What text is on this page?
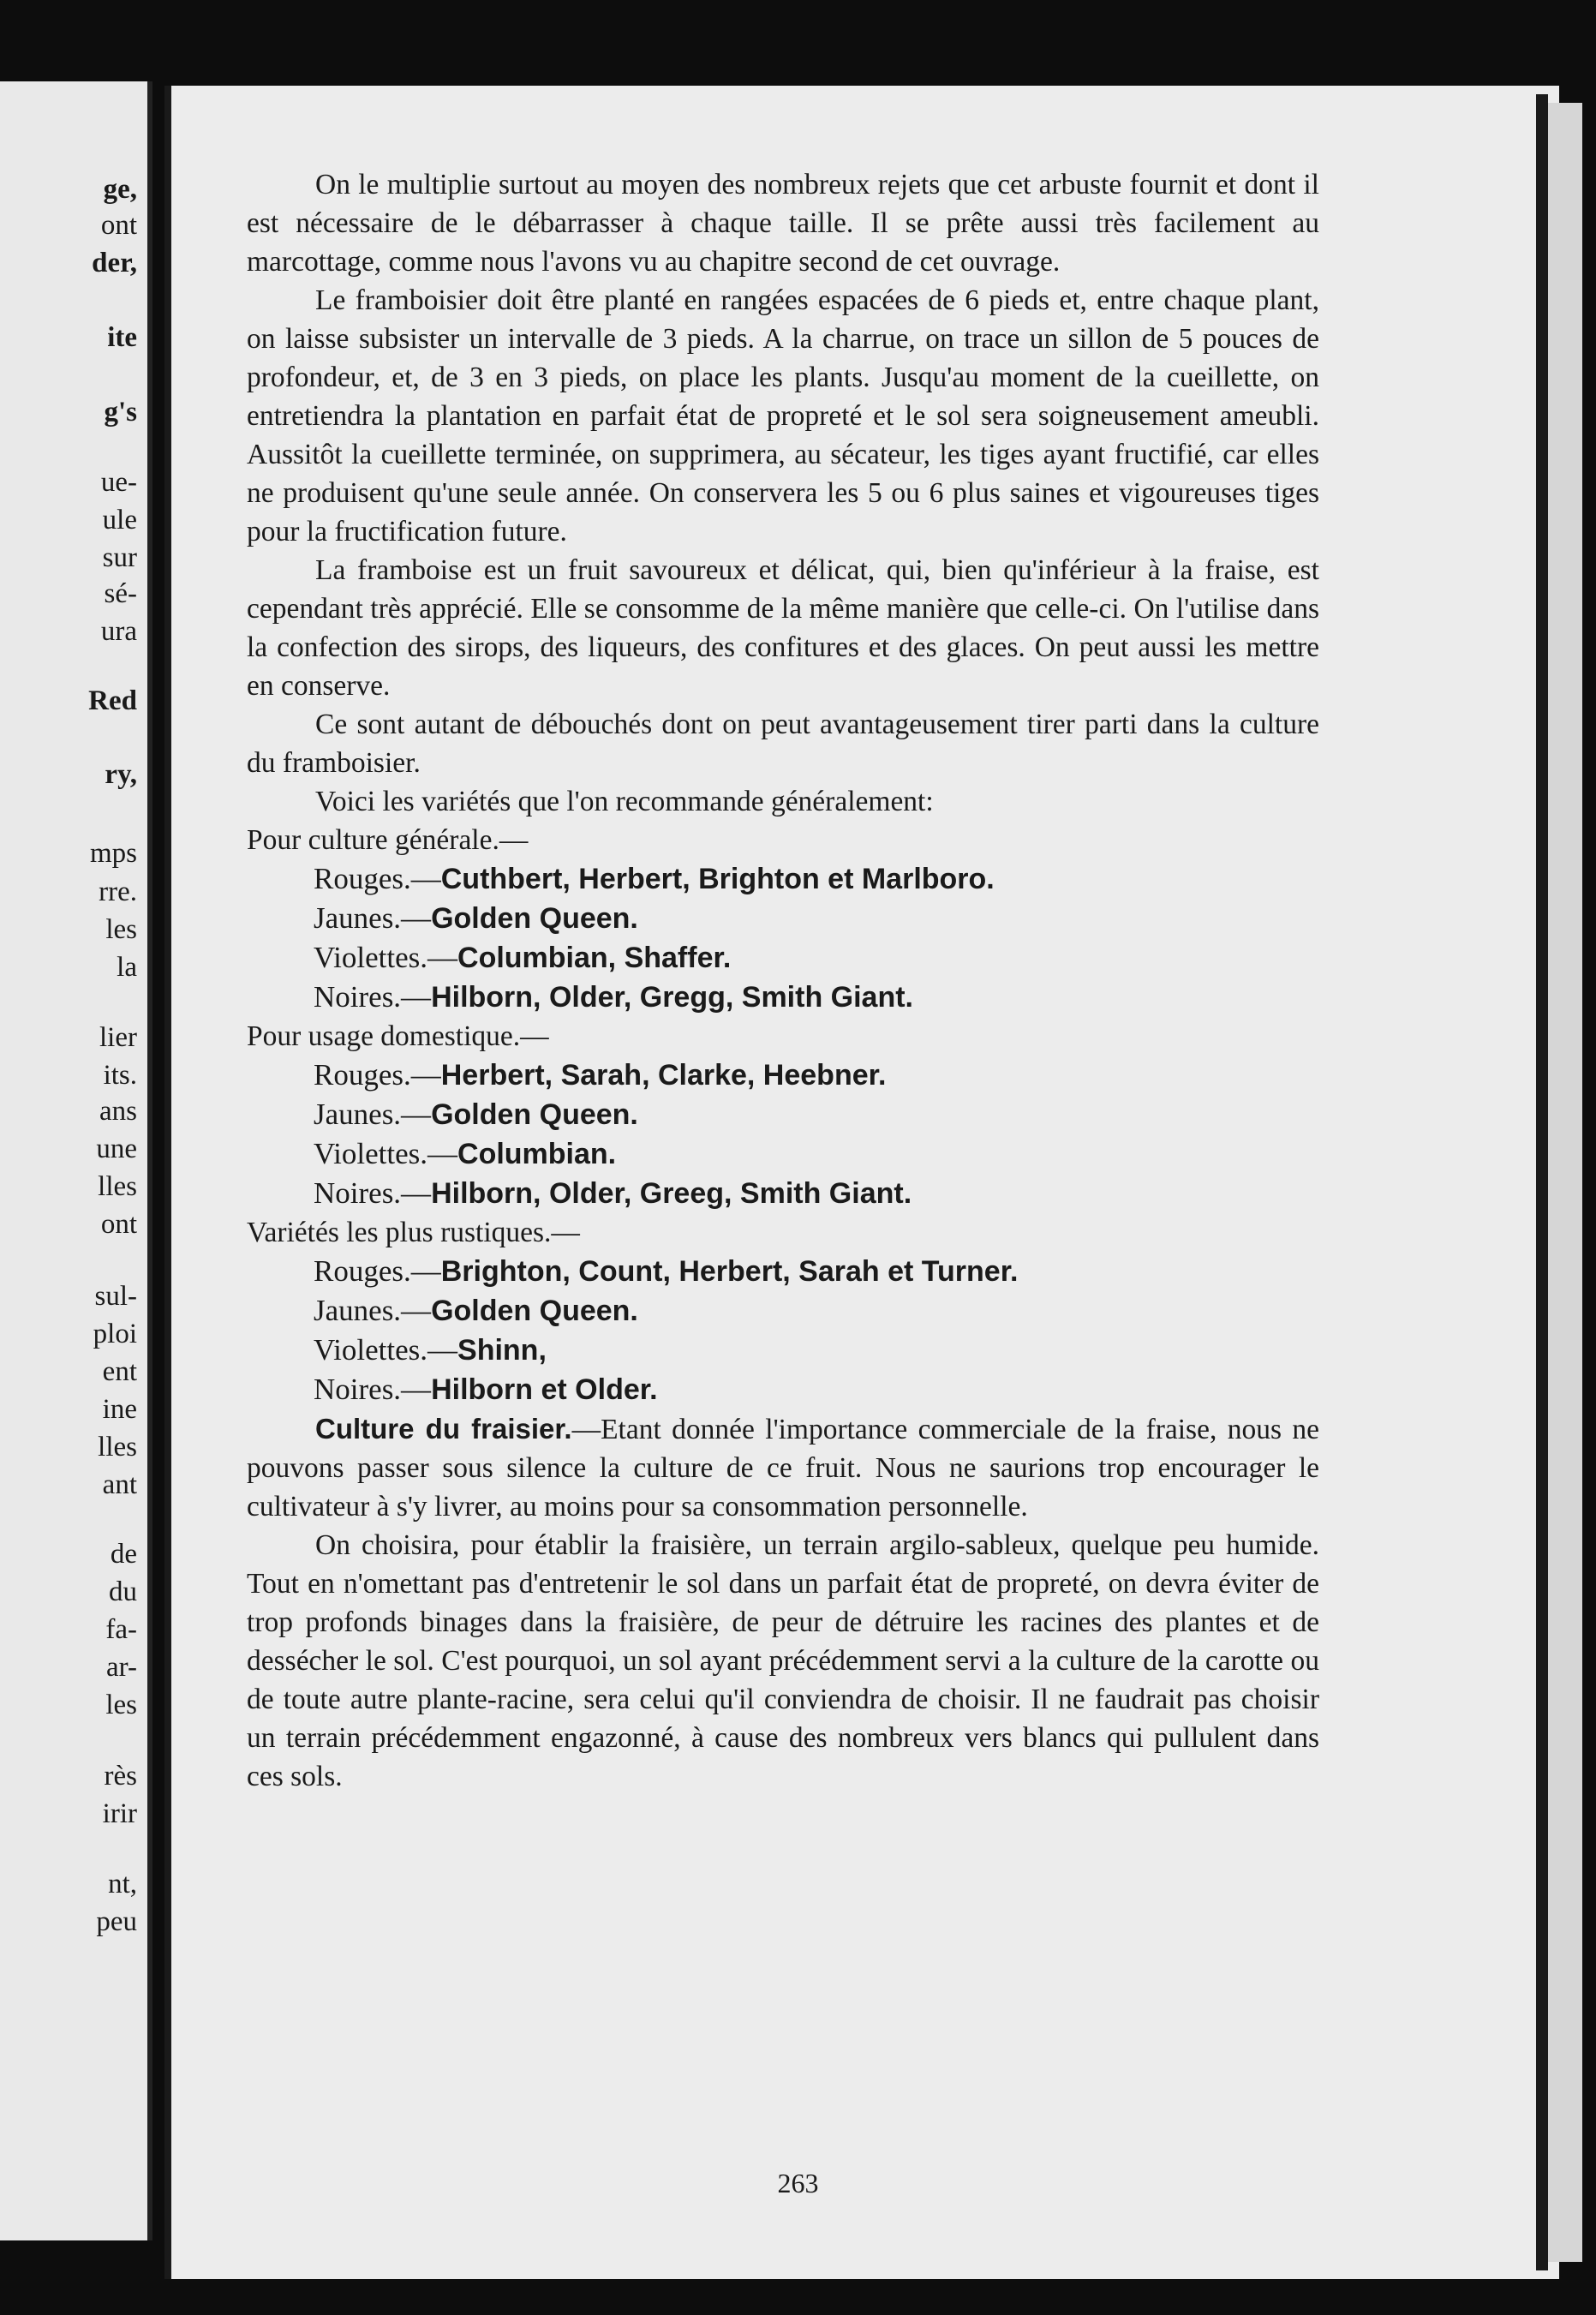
ge,
ont
der,
ite
g's
ue-
ule
sur
sé-
ura
Red
ry,
mps
rre.
les
la
lier
its.
ans
une
lles
ont
sul-
ploi
ent
ine
lles
ant
de
du
fa-
ar-
les
rès
irir
nt,
peu

On le multiplie surtout au moyen des nombreux rejets que cet arbuste fournit et dont il est nécessaire de le débarrasser à chaque taille. Il se prête aussi très facilement au marcottage, comme nous l'avons vu au chapitre second de cet ouvrage.

Le framboisier doit être planté en rangées espacées de 6 pieds et, entre chaque plant, on laisse subsister un intervalle de 3 pieds. A la charrue, on trace un sillon de 5 pouces de profondeur, et, de 3 en 3 pieds, on place les plants. Jusqu'au moment de la cueillette, on entretiendra la plantation en parfait état de propreté et le sol sera soigneusement ameubli. Aussitôt la cueillette terminée, on supprimera, au sécateur, les tiges ayant fructifié, car elles ne produisent qu'une seule année. On conservera les 5 ou 6 plus saines et vigoureuses tiges pour la fructification future.

La framboise est un fruit savoureux et délicat, qui, bien qu'inférieur à la fraise, est cependant très apprécié. Elle se consomme de la même manière que celle-ci. On l'utilise dans la confection des sirops, des liqueurs, des confitures et des glaces. On peut aussi les mettre en conserve.

Ce sont autant de débouchés dont on peut avantageusement tirer parti dans la culture du framboisier.

Voici les variétés que l'on recommande généralement:

Pour culture générale.—
Rouges.—Cuthbert, Herbert, Brighton et Marlboro.
Jaunes.—Golden Queen.
Violettes.—Columbian, Shaffer.
Noires.—Hilborn, Older, Gregg, Smith Giant.
Pour usage domestique.—
Rouges.—Herbert, Sarah, Clarke, Heebner.
Jaunes.—Golden Queen.
Violettes.—Columbian.
Noires.—Hilborn, Older, Greeg, Smith Giant.
Variétés les plus rustiques.—
Rouges.—Brighton, Count, Herbert, Sarah et Turner.
Jaunes.—Golden Queen.
Violettes.—Shinn,
Noires.—Hilborn et Older.

Culture du fraisier.—Etant donnée l'importance commerciale de la fraise, nous ne pouvons passer sous silence la culture de ce fruit. Nous ne saurions trop encourager le cultivateur à s'y livrer, au moins pour sa consommation personnelle.

On choisira, pour établir la fraisière, un terrain argilo-sableux, quelque peu humide. Tout en n'omettant pas d'entretenir le sol dans un parfait état de propreté, on devra éviter de trop profonds binages dans la fraisière, de peur de détruire les racines des plantes et de dessécher le sol. C'est pourquoi, un sol ayant précédemment servi a la culture de la carotte ou de toute autre plante-racine, sera celui qu'il conviendra de choisir. Il ne faudrait pas choisir un terrain précédemment engazonné, à cause des nombreux vers blancs qui pullulent dans ces sols.

263
